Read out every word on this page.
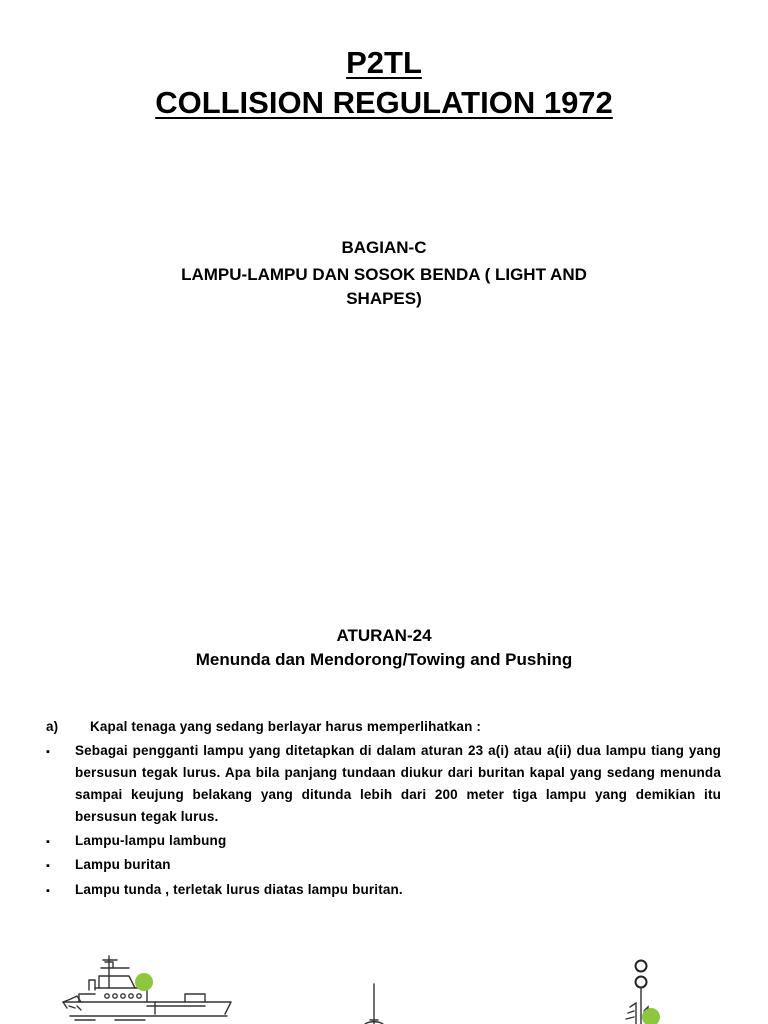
P2TL
COLLISION REGULATION 1972
BAGIAN-C
LAMPU-LAMPU DAN SOSOK BENDA ( LIGHT AND
SHAPES)
ATURAN-24
Menunda dan Mendorong/Towing and Pushing
a) Kapal tenaga yang sedang berlayar harus memperlihatkan :
▪ Sebagai pengganti lampu yang ditetapkan di dalam aturan 23 a(i) atau a(ii) dua lampu tiang yang bersusun tegak lurus. Apa bila panjang tundaan diukur dari buritan kapal yang sedang menunda sampai keujung belakang yang ditunda lebih dari 200 meter tiga lampu yang demikian itu bersusun tegak lurus.
▪ Lampu-lampu lambung
▪ Lampu buritan
▪ Lampu tunda , terletak lurus diatas lampu buritan.
